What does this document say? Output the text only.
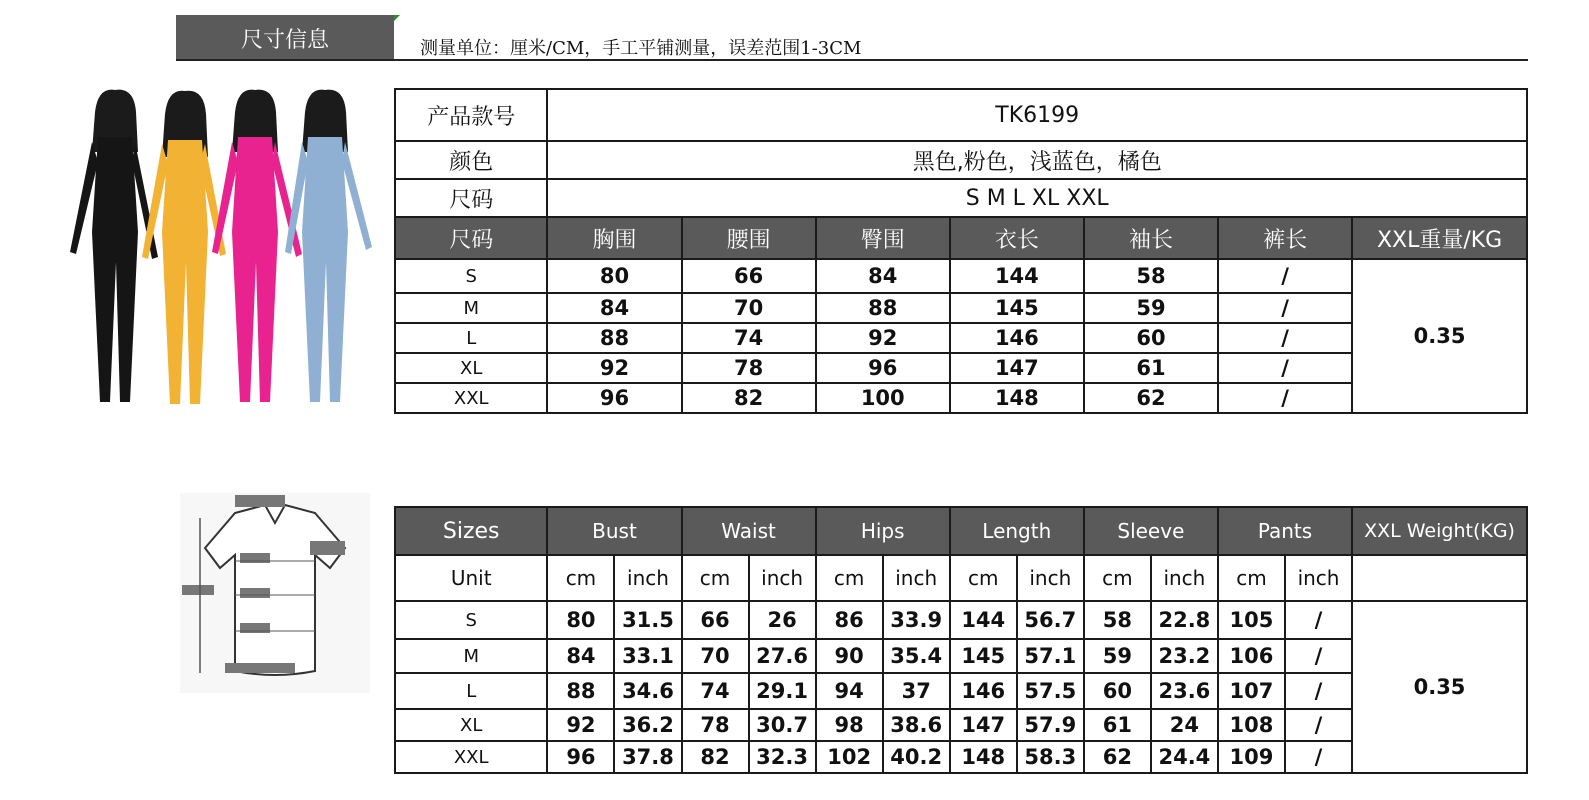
尺寸信息	测量单位：厘米/CM，手工平铺测量，误差范围1-3CM
产品款号	TK6199						
颜色	黑色,粉色，浅蓝色，橘色						
尺码	S M L XL XXL						
尺码	胸围	腰围	臀围	衣长	袖长	裤长	XXL重量/KG
S	80	66	84	144	58	/	0.35
M	84	70	88	145	59	/	
L	88	74	92	146	60	/	
XL	92	78	96	147	61	/	
XXL	96	82	100	148	62	/	
Sizes	Bust		Waist		Hips		Length		Sleeve		Pants		XXL Weight(KG)
Unit	cm	inch	cm	inch	cm	inch	cm	inch	cm	inch	cm	inch	
S	80	31.5	66	26	86	33.9	144	56.7	58	22.8	105	/	0.35
M	84	33.1	70	27.6	90	35.4	145	57.1	59	23.2	106	/	
L	88	34.6	74	29.1	94	37	146	57.5	60	23.6	107	/	
XL	92	36.2	78	30.7	98	38.6	147	57.9	61	24	108	/	
XXL	96	37.8	82	32.3	102	40.2	148	58.3	62	24.4	109	/	
